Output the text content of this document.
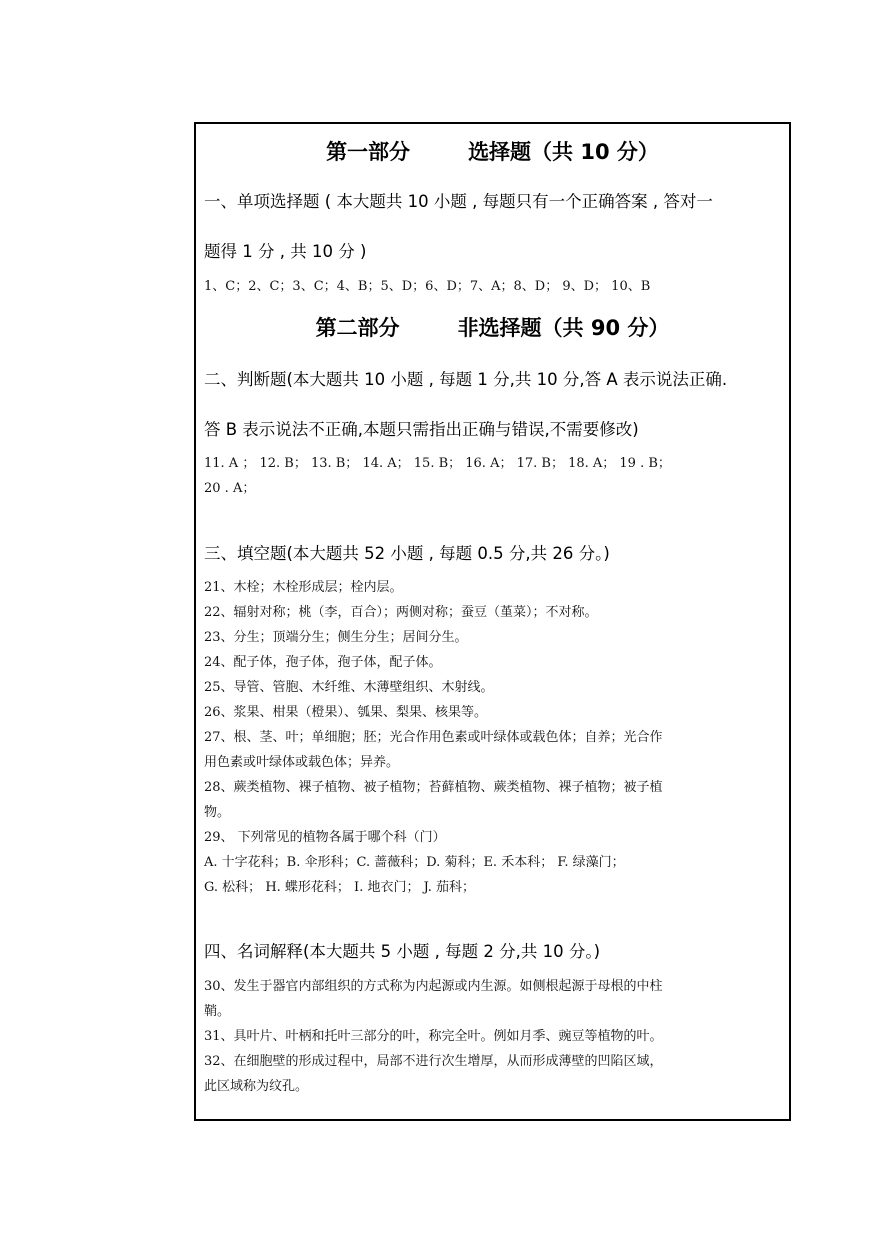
第一部分	选择题（共 10 分）
一、单项选择题 ( 本大题共 10 小题 , 每题只有一个正确答案 , 答对一
题得 1 分 , 共 10 分 )
1、C；2、C；3、C；4、B；5、D；6、D；7、A；8、D； 9、D； 10、B
第二部分	非选择题（共 90 分）
二、判断题(本大题共 10 小题 , 每题 1 分,共 10 分,答 A 表示说法正确.
答 B 表示说法不正确,本题只需指出正确与错误,不需要修改)
11. A ； 12. B； 13. B； 14. A； 15. B； 16. A； 17. B； 18. A； 19 . B；
20 . A；
三、填空题(本大题共 52 小题 , 每题 0.5 分,共 26 分。)
21、木栓；木栓形成层；栓内层。
22、辐射对称；桃（李，百合）；两侧对称；蚕豆（堇菜）；不对称。
23、分生；顶端分生；侧生分生；居间分生。
24、配子体，孢子体，孢子体，配子体。
25、导管、管胞、木纤维、木薄壁组织、木射线。
26、浆果、柑果（橙果）、瓠果、梨果、核果等。
27、根、茎、叶；单细胞；胚；光合作用色素或叶绿体或载色体；自养；光合作
用色素或叶绿体或载色体；异养。
28、蕨类植物、裸子植物、被子植物；苔藓植物、蕨类植物、裸子植物；被子植
物。
29、 下列常见的植物各属于哪个科（门）
A. 十字花科；B. 伞形科；C. 蔷薇科；D. 菊科；E. 禾本科； F. 绿藻门；
G. 松科； H. 蝶形花科； I. 地衣门； J. 茄科；
四、名词解释(本大题共 5 小题 , 每题 2 分,共 10 分。)
30、发生于器官内部组织的方式称为内起源或内生源。如侧根起源于母根的中柱
鞘。
31、具叶片、叶柄和托叶三部分的叶，称完全叶。例如月季、豌豆等植物的叶。
32、在细胞壁的形成过程中，局部不进行次生增厚，从而形成薄壁的凹陷区域，
此区域称为纹孔。
